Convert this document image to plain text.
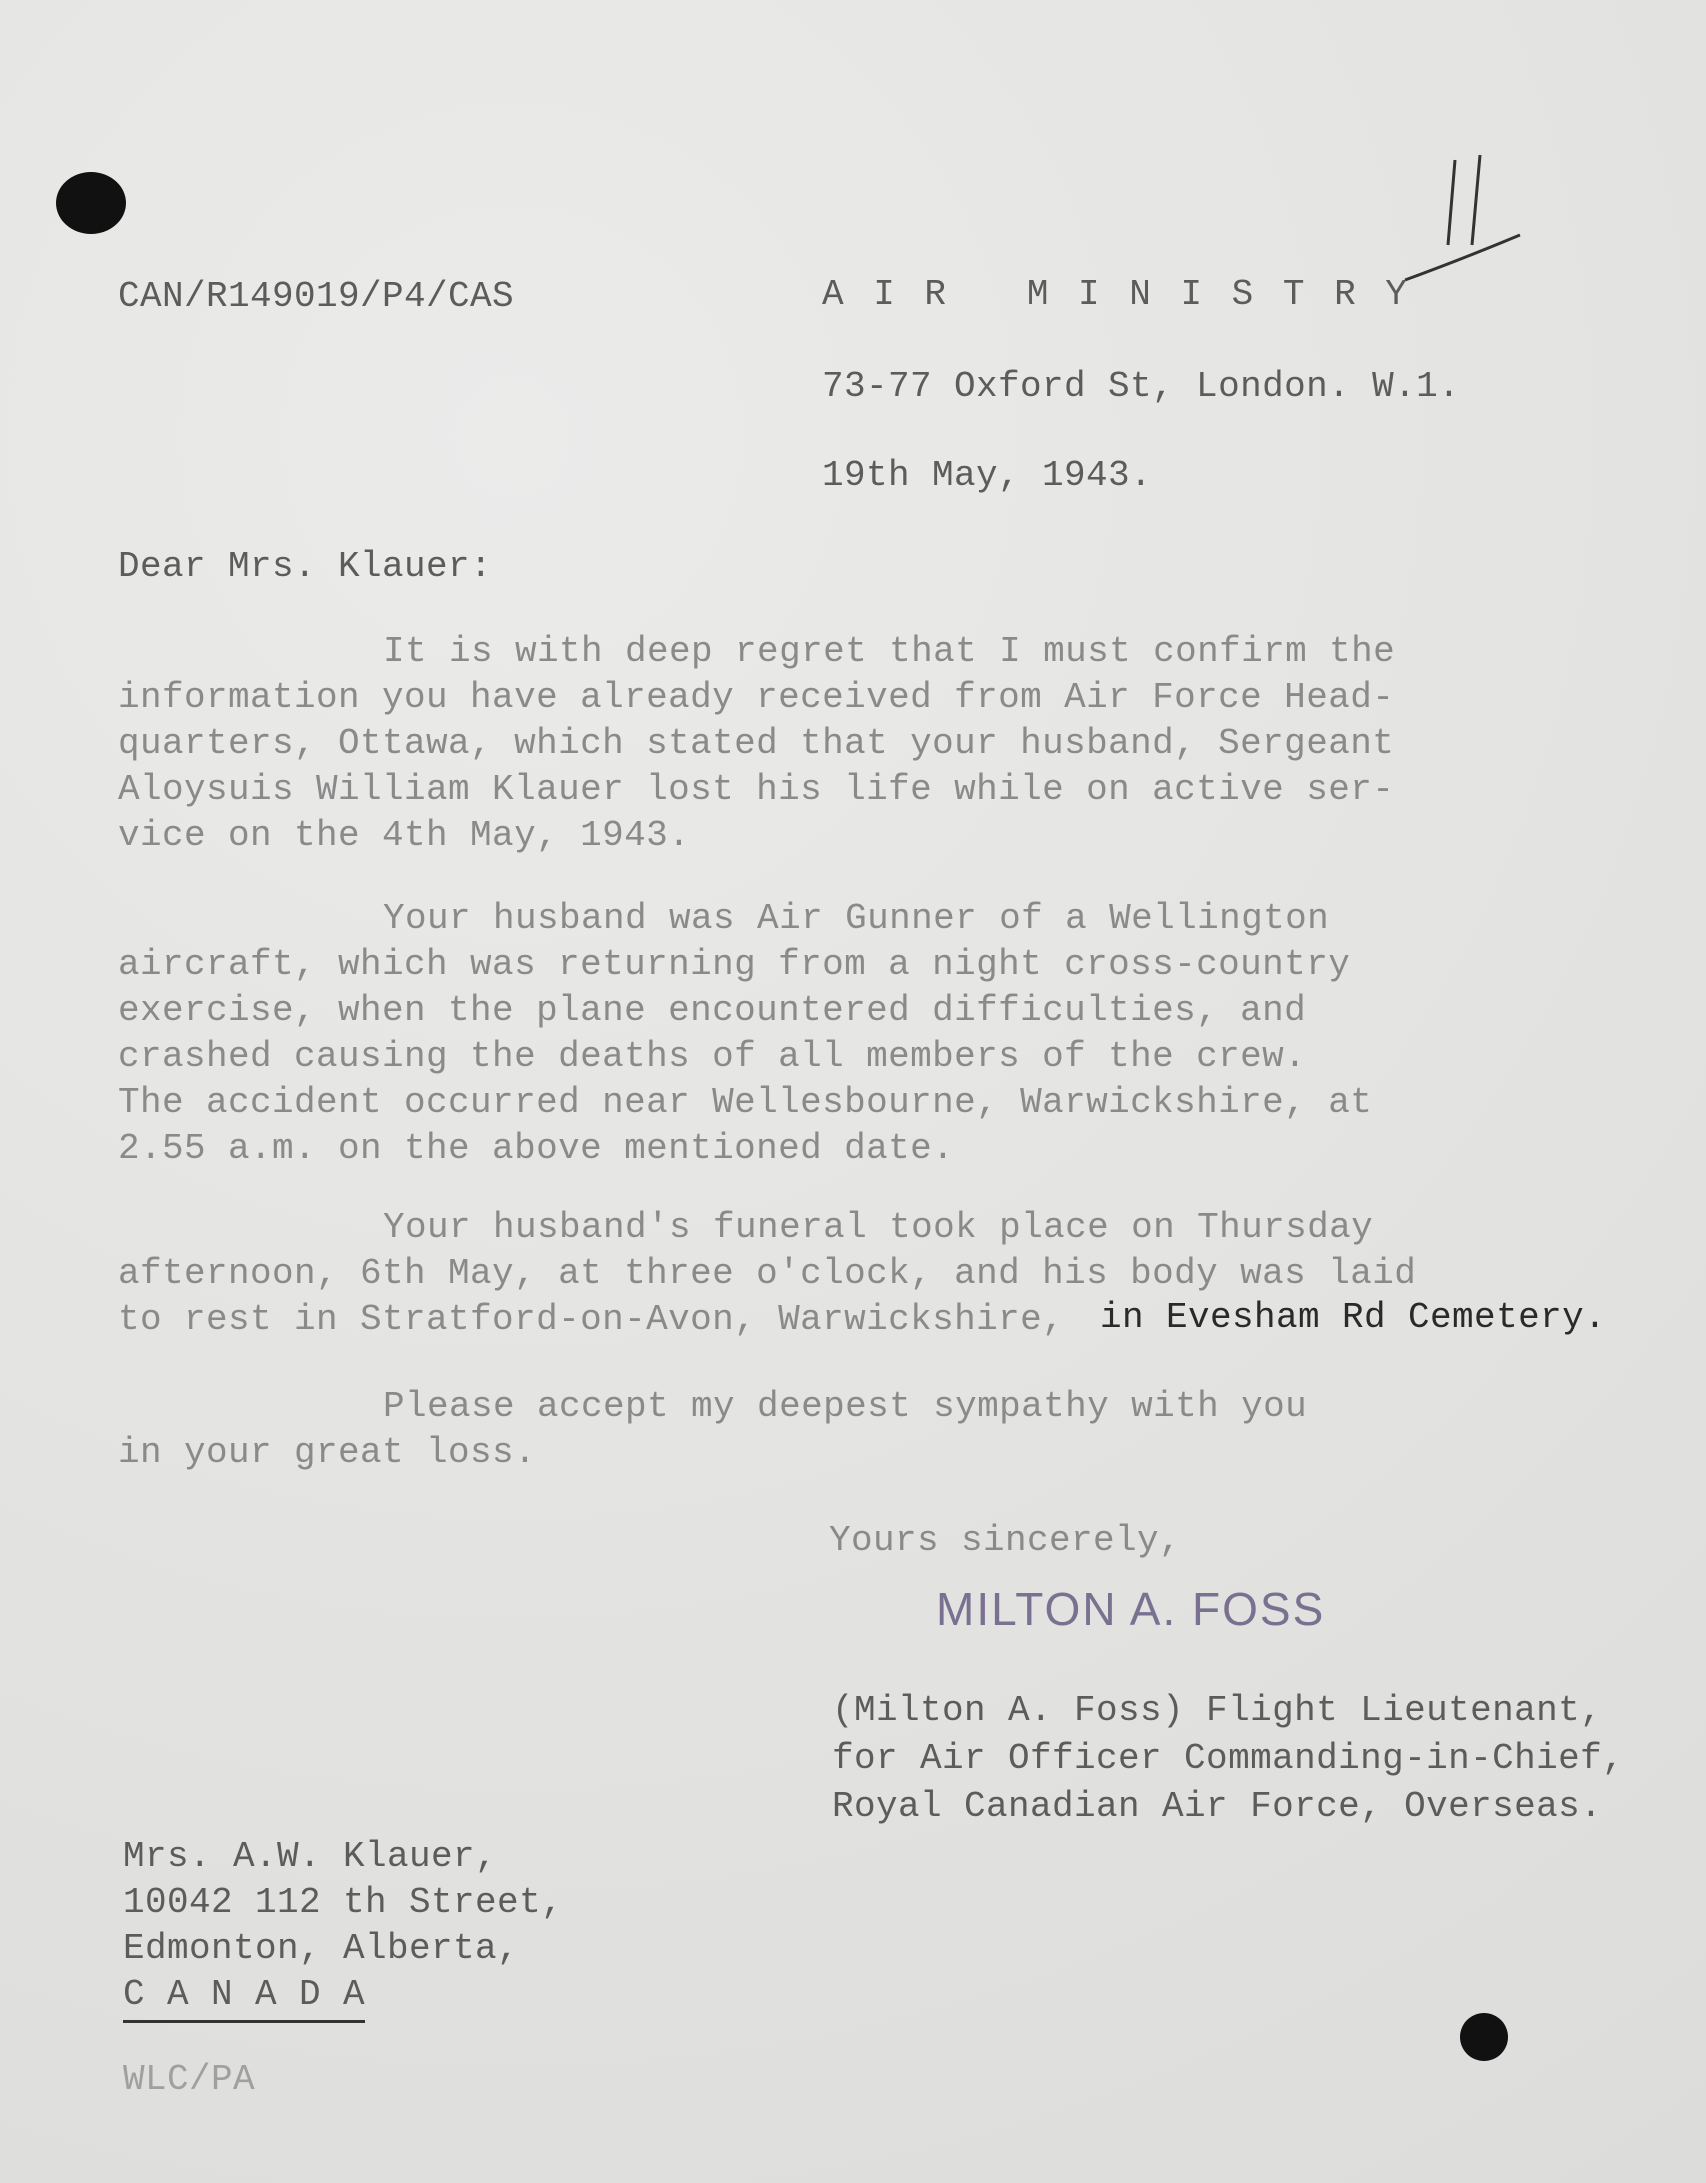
CAN/R149019/P4/CAS	A I R   M I N I S T R Y
73-77 Oxford St, London. W.1.
19th May, 1943.
Dear Mrs. Klauer:
It is with deep regret that I must confirm the
information you have already received from Air Force Head-
quarters, Ottawa, which stated that your husband, Sergeant
Aloysuis William Klauer lost his life while on active ser-
vice on the 4th May, 1943.
Your husband was Air Gunner of a Wellington
aircraft, which was returning from a night cross-country
exercise, when the plane encountered difficulties, and
crashed causing the deaths of all members of the crew.
The accident occurred near Wellesbourne, Warwickshire, at
2.55 a.m. on the above mentioned date.
Your husband's funeral took place on Thursday
afternoon, 6th May, at three o'clock, and his body was laid
to rest in Stratford-on-Avon, Warwickshire, in Evesham Rd Cemetery.
Please accept my deepest sympathy with you
in your great loss.
Yours sincerely,
MILTON A. FOSS
(Milton A. Foss) Flight Lieutenant,
for Air Officer Commanding-in-Chief,
Royal Canadian Air Force, Overseas.
Mrs. A.W. Klauer,
10042 112 th Street,
Edmonton, Alberta,
C A N A D A
WLC/PA
